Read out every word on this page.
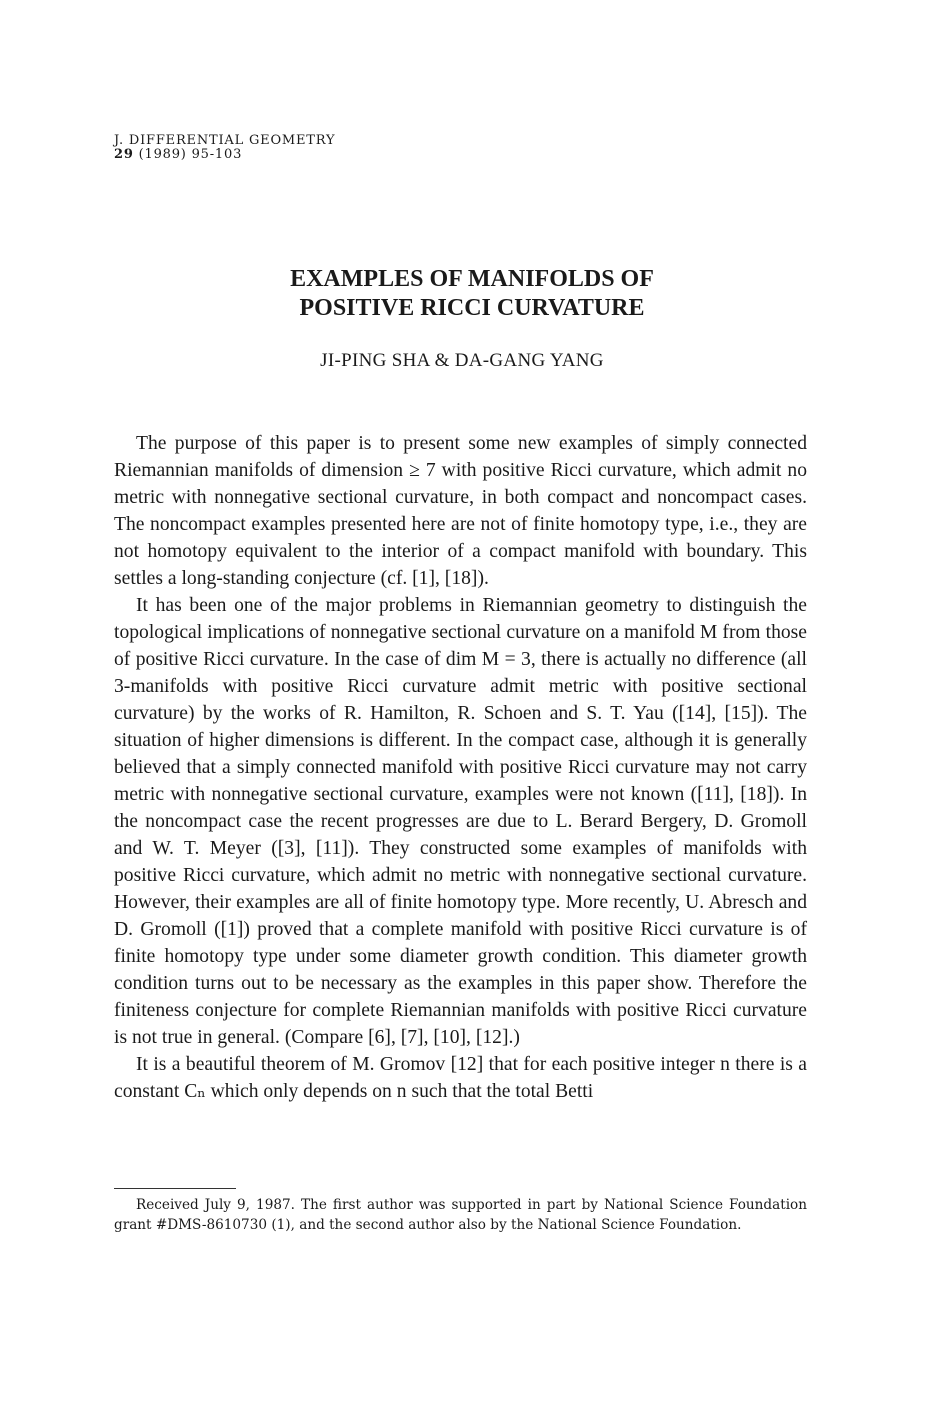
J. DIFFERENTIAL GEOMETRY
29 (1989) 95-103
EXAMPLES OF MANIFOLDS OF
POSITIVE RICCI CURVATURE
JI-PING SHA & DA-GANG YANG

The purpose of this paper is to present some new examples of simply connected Riemannian manifolds of dimension ≥ 7 with positive Ricci curvature, which admit no metric with nonnegative sectional curvature, in both compact and noncompact cases. The noncompact examples presented here are not of finite homotopy type, i.e., they are not homotopy equivalent to the interior of a compact manifold with boundary. This settles a long-standing conjecture (cf. [1], [18]).

It has been one of the major problems in Riemannian geometry to distinguish the topological implications of nonnegative sectional curvature on a manifold M from those of positive Ricci curvature. In the case of dim M = 3, there is actually no difference (all 3-manifolds with positive Ricci curvature admit metric with positive sectional curvature) by the works of R. Hamilton, R. Schoen and S. T. Yau ([14], [15]). The situation of higher dimensions is different. In the compact case, although it is generally believed that a simply connected manifold with positive Ricci curvature may not carry metric with nonnegative sectional curvature, examples were not known ([11], [18]). In the noncompact case the recent progresses are due to L. Berard Bergery, D. Gromoll and W. T. Meyer ([3], [11]). They constructed some examples of manifolds with positive Ricci curvature, which admit no metric with nonnegative sectional curvature. However, their examples are all of finite homotopy type. More recently, U. Abresch and D. Gromoll ([1]) proved that a complete manifold with positive Ricci curvature is of finite homotopy type under some diameter growth condition. This diameter growth condition turns out to be necessary as the examples in this paper show. Therefore the finiteness conjecture for complete Riemannian manifolds with positive Ricci curvature is not true in general. (Compare [6], [7], [10], [12].)

It is a beautiful theorem of M. Gromov [12] that for each positive integer n there is a constant Cₙ which only depends on n such that the total Betti

Received July 9, 1987. The first author was supported in part by National Science Foundation grant #DMS-8610730 (1), and the second author also by the National Science Foundation.
